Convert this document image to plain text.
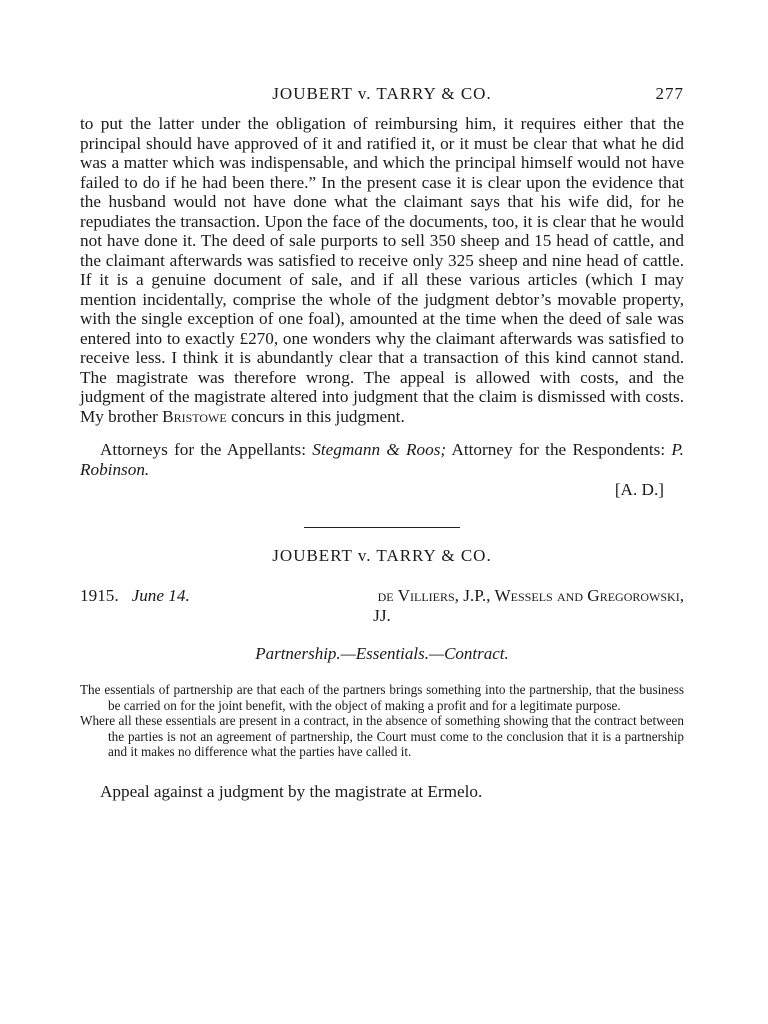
JOUBERT v. TARRY & CO.	277

to put the latter under the obligation of reimbursing him, it requires either that the principal should have approved of it and ratified it, or it must be clear that what he did was a matter which was indispensable, and which the principal himself would not have failed to do if he had been there.” In the present case it is clear upon the evidence that the husband would not have done what the claimant says that his wife did, for he repudiates the transaction. Upon the face of the documents, too, it is clear that he would not have done it. The deed of sale purports to sell 350 sheep and 15 head of cattle, and the claimant afterwards was satisfied to receive only 325 sheep and nine head of cattle. If it is a genuine document of sale, and if all these various articles (which I may mention incidentally, comprise the whole of the judgment debtor’s movable property, with the single exception of one foal), amounted at the time when the deed of sale was entered into to exactly £270, one wonders why the claimant afterwards was satisfied to receive less. I think it is abundantly clear that a transaction of this kind cannot stand. The magistrate was therefore wrong. The appeal is allowed with costs, and the judgment of the magistrate altered into judgment that the claim is dismissed with costs. My brother Bristowe concurs in this judgment.

Attorneys for the Appellants: Stegmann & Roos; Attorney for the Respondents: P. Robinson.

[A. D.]

JOUBERT v. TARRY & CO.
1915. June 14.	de Villiers, J.P., Wessels and Gregorowski,
JJ.
Partnership.—Essentials.—Contract.

The essentials of partnership are that each of the partners brings something into the partnership, that the business be carried on for the joint benefit, with the object of making a profit and for a legitimate purpose.

Where all these essentials are present in a contract, in the absence of something showing that the contract between the parties is not an agreement of partnership, the Court must come to the conclusion that it is a partnership and it makes no difference what the parties have called it.

Appeal against a judgment by the magistrate at Ermelo.
